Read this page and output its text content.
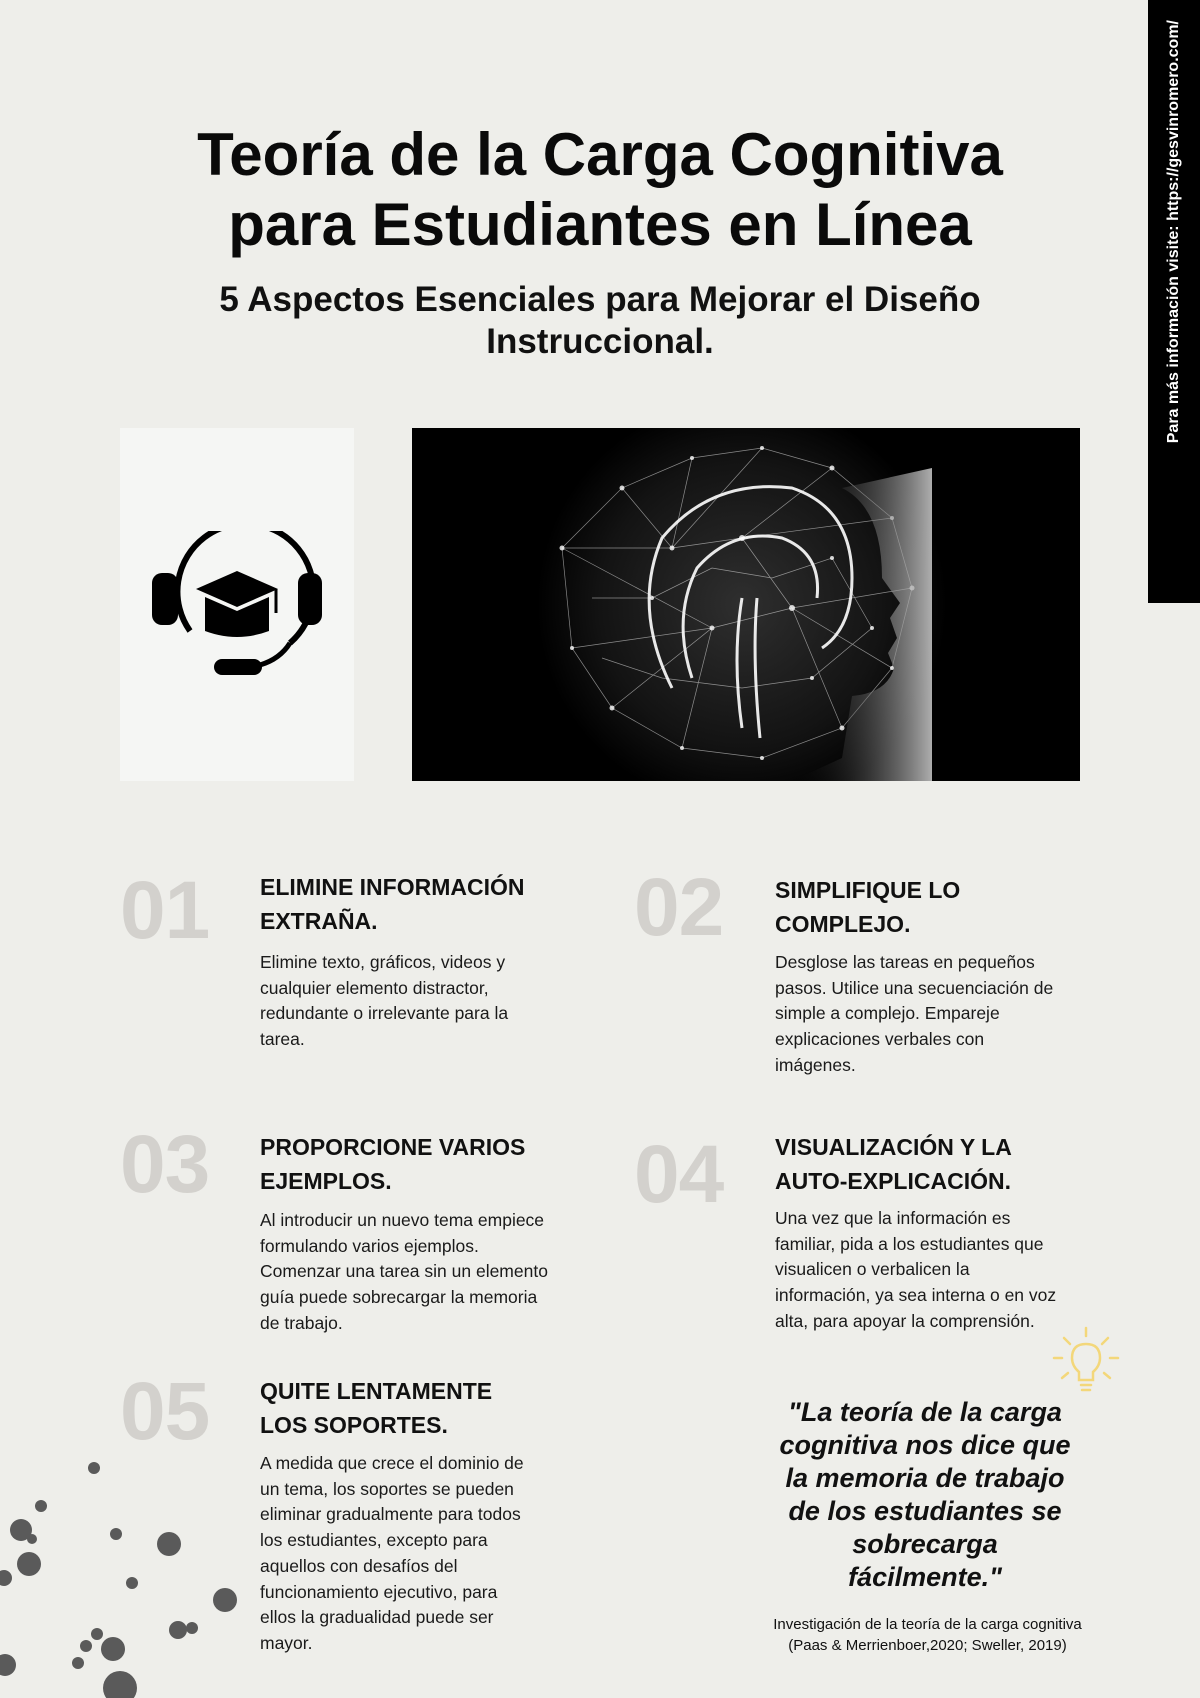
Para más información visite: https://gesvinromero.com/
Teoría de la Carga Cognitiva
para Estudiantes en Línea
5 Aspectos Esenciales para Mejorar el Diseño
Instruccional.
01 ELIMINE INFORMACIÓN
EXTRAÑA.

Elimine texto, gráficos, videos y
cualquier elemento distractor,
redundante o irrelevante para la
tarea.

02 SIMPLIFIQUE LO
COMPLEJO.

Desglose las tareas en pequeños
pasos. Utilice una secuenciación de
simple a complejo. Empareje
explicaciones verbales con
imágenes.

03 PROPORCIONE VARIOS
EJEMPLOS.

Al introducir un nuevo tema empiece
formulando varios ejemplos.
Comenzar una tarea sin un elemento
guía puede sobrecargar la memoria
de trabajo.

04 VISUALIZACIÓN Y LA
AUTO-EXPLICACIÓN.

Una vez que la información es
familiar, pida a los estudiantes que
visualicen o verbalicen la
información, ya sea interna o en voz
alta, para apoyar la comprensión.

05 QUITE LENTAMENTE
LOS SOPORTES.

A medida que crece el dominio de
un tema, los soportes se pueden
eliminar gradualmente para todos
los estudiantes, excepto para
aquellos con desafíos del
funcionamiento ejecutivo, para
ellos la gradualidad puede ser
mayor.

"La teoría de la carga
cognitiva nos dice que
la memoria de trabajo
de los estudiantes se
sobrecarga
fácilmente."

Investigación de la teoría de la carga cognitiva
(Paas & Merrienboer,2020; Sweller, 2019)
